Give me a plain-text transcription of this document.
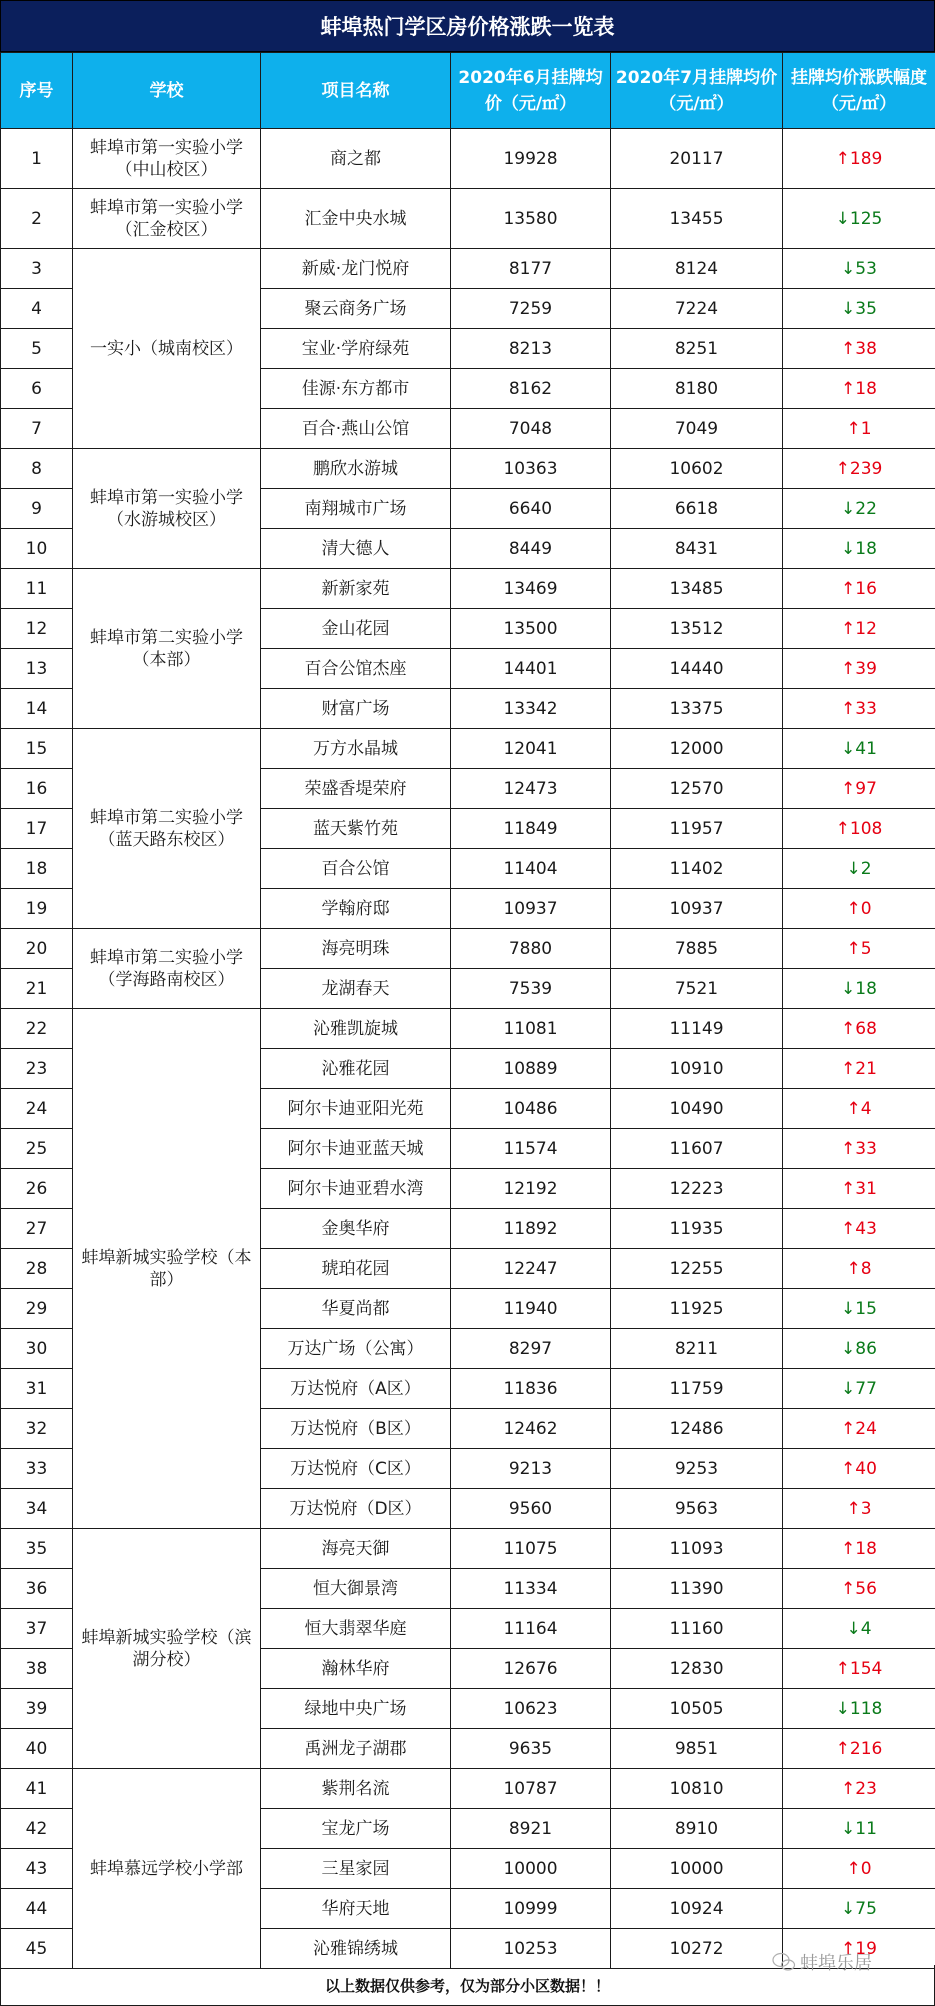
蚌埠热门学区房价格涨跌一览表
序号	学校	项目名称	2020年6月挂牌均价（元/㎡）	2020年7月挂牌均价（元/㎡）	挂牌均价涨跌幅度（元/㎡）
1	蚌埠市第一实验小学（中山校区）	商之都	19928	20117	↑189
2	蚌埠市第一实验小学（汇金校区）	汇金中央水城	13580	13455	↓125
3	一实小（城南校区）	新威·龙门悦府	8177	8124	↓53
4		聚云商务广场	7259	7224	↓35
5		宝业·学府绿苑	8213	8251	↑38
6		佳源·东方都市	8162	8180	↑18
7		百合·燕山公馆	7048	7049	↑1
8	蚌埠市第一实验小学（水游城校区）	鹏欣水游城	10363	10602	↑239
9		南翔城市广场	6640	6618	↓22
10		清大德人	8449	8431	↓18
11	蚌埠市第二实验小学（本部）	新新家苑	13469	13485	↑16
12		金山花园	13500	13512	↑12
13		百合公馆杰座	14401	14440	↑39
14		财富广场	13342	13375	↑33
15	蚌埠市第二实验小学（蓝天路东校区）	万方水晶城	12041	12000	↓41
16		荣盛香堤荣府	12473	12570	↑97
17		蓝天紫竹苑	11849	11957	↑108
18		百合公馆	11404	11402	↓2
19		学翰府邸	10937	10937	↑0
20	蚌埠市第二实验小学（学海路南校区）	海亮明珠	7880	7885	↑5
21		龙湖春天	7539	7521	↓18
22	蚌埠新城实验学校（本部）	沁雅凯旋城	11081	11149	↑68
23		沁雅花园	10889	10910	↑21
24		阿尔卡迪亚阳光苑	10486	10490	↑4
25		阿尔卡迪亚蓝天城	11574	11607	↑33
26		阿尔卡迪亚碧水湾	12192	12223	↑31
27		金奥华府	11892	11935	↑43
28		琥珀花园	12247	12255	↑8
29		华夏尚都	11940	11925	↓15
30		万达广场（公寓）	8297	8211	↓86
31		万达悦府（A区）	11836	11759	↓77
32		万达悦府（B区）	12462	12486	↑24
33		万达悦府（C区）	9213	9253	↑40
34		万达悦府（D区）	9560	9563	↑3
35	蚌埠新城实验学校（滨湖分校）	海亮天御	11075	11093	↑18
36		恒大御景湾	11334	11390	↑56
37		恒大翡翠华庭	11164	11160	↓4
38		瀚林华府	12676	12830	↑154
39		绿地中央广场	10623	10505	↓118
40		禹洲龙子湖郡	9635	9851	↑216
41	蚌埠慕远学校小学部	紫荆名流	10787	10810	↑23
42		宝龙广场	8921	8910	↓11
43		三星家园	10000	10000	↑0
44		华府天地	10999	10924	↓75
45		沁雅锦绣城	10253	10272	↑19
蚌埠乐居
以上数据仅供参考，仅为部分小区数据！！
